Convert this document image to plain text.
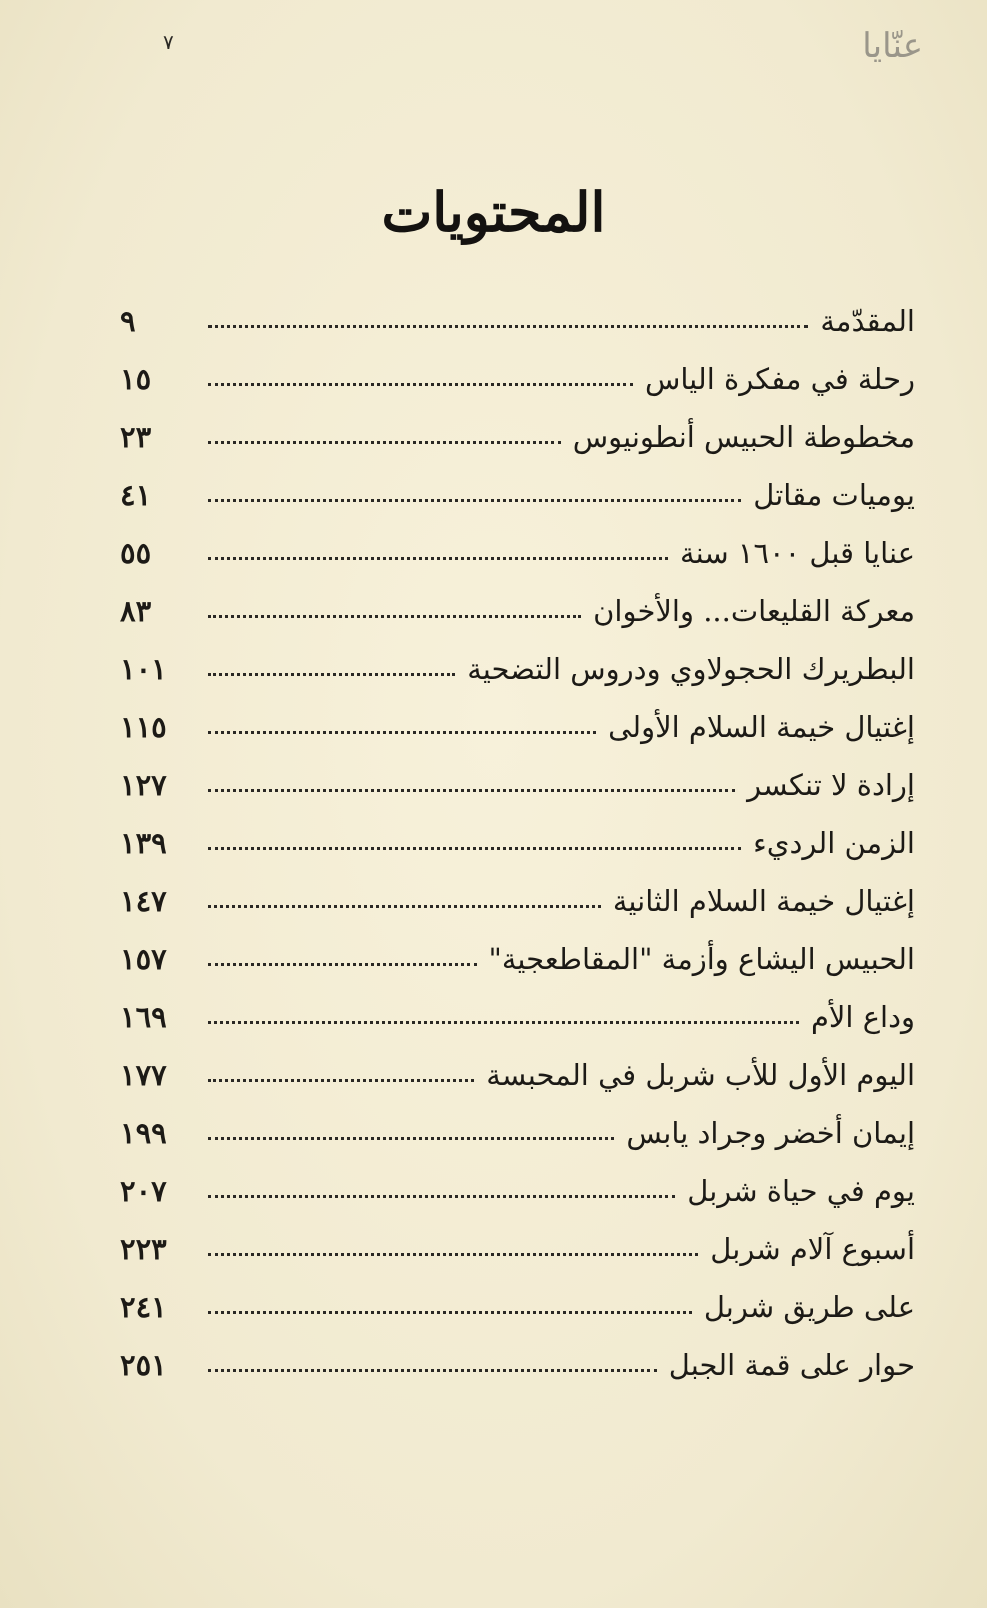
عنّايا
٧
المحتويات
٩	المقدّمة
١٥	رحلة في مفكرة الياس
٢٣	مخطوطة الحبيس أنطونيوس
٤١	يوميات مقاتل
٥٥	عنايا قبل ١٦٠٠ سنة
٨٣	معركة القليعات... والأخوان
١٠١	البطريرك الحجولاوي ودروس التضحية
١١٥	إغتيال خيمة السلام الأولى
١٢٧	إرادة لا تنكسر
١٣٩	الزمن الرديء
١٤٧	إغتيال خيمة السلام الثانية
١٥٧	الحبيس اليشاع وأزمة "المقاطعجية"
١٦٩	وداع الأم
١٧٧	اليوم الأول للأب شربل في المحبسة
١٩٩	إيمان أخضر وجراد يابس
٢٠٧	يوم في حياة شربل
٢٢٣	أسبوع آلام شربل
٢٤١	على طريق شربل
٢٥١	حوار على قمة الجبل
